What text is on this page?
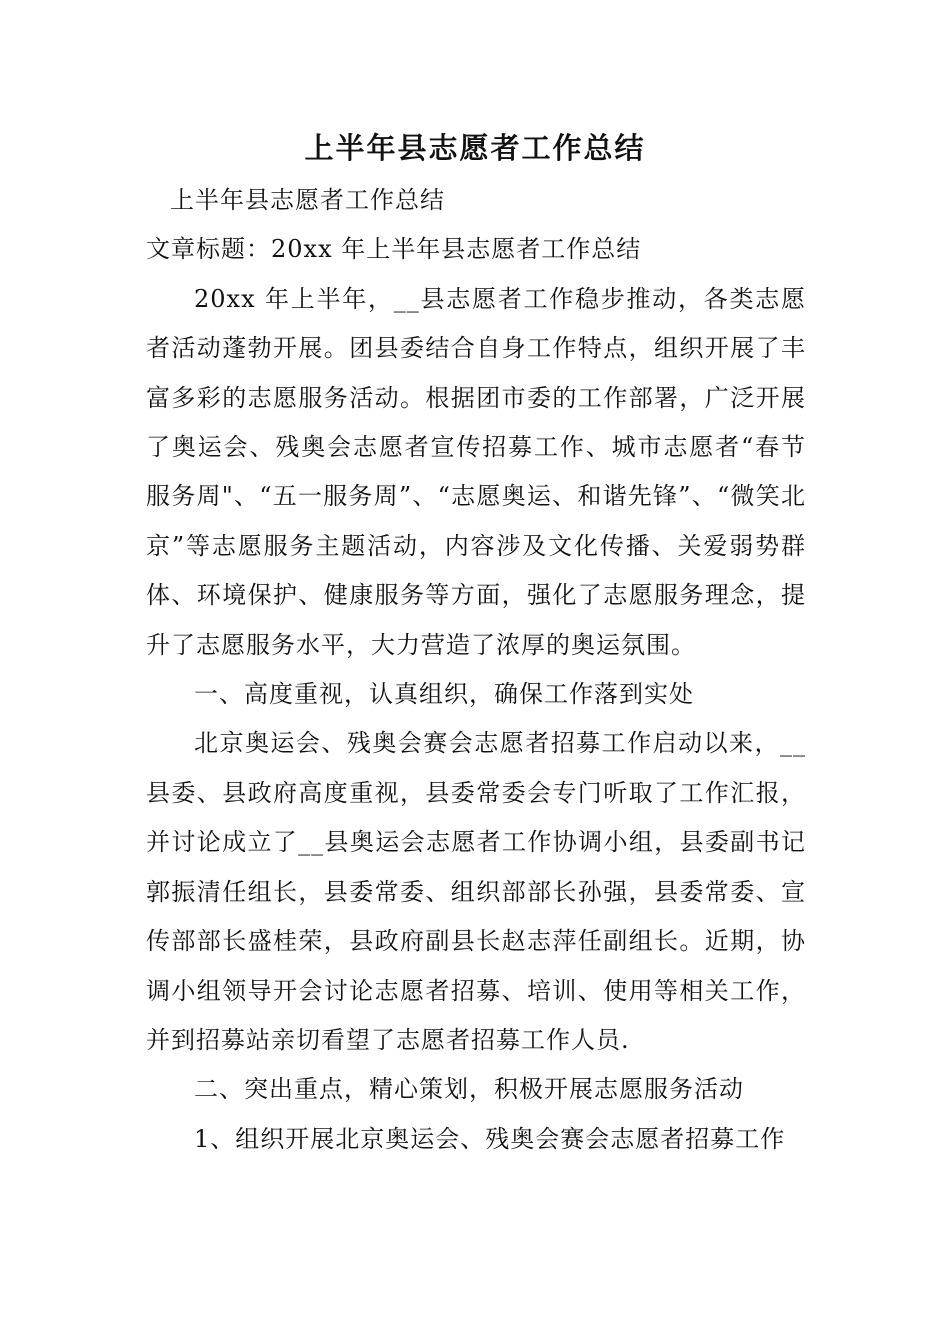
上半年县志愿者工作总结

上半年县志愿者工作总结

文章标题：20xx 年上半年县志愿者工作总结

20xx 年上半年，__县志愿者工作稳步推动，各类志愿者活动蓬勃开展。团县委结合自身工作特点，组织开展了丰富多彩的志愿服务活动。根据团市委的工作部署，广泛开展了奥运会、残奥会志愿者宣传招募工作、城市志愿者“春节服务周"、“五一服务周”、“志愿奥运、和谐先锋”、“微笑北京”等志愿服务主题活动，内容涉及文化传播、关爱弱势群体、环境保护、健康服务等方面，强化了志愿服务理念，提升了志愿服务水平，大力营造了浓厚的奥运氛围。

一、高度重视，认真组织，确保工作落到实处

北京奥运会、残奥会赛会志愿者招募工作启动以来，__县委、县政府高度重视，县委常委会专门听取了工作汇报，并讨论成立了__县奥运会志愿者工作协调小组，县委副书记郭振清任组长，县委常委、组织部部长孙强，县委常委、宣传部部长盛桂荣，县政府副县长赵志萍任副组长。近期，协调小组领导开会讨论志愿者招募、培训、使用等相关工作，并到招募站亲切看望了志愿者招募工作人员.

二、突出重点，精心策划，积极开展志愿服务活动

1、组织开展北京奥运会、残奥会赛会志愿者招募工作
